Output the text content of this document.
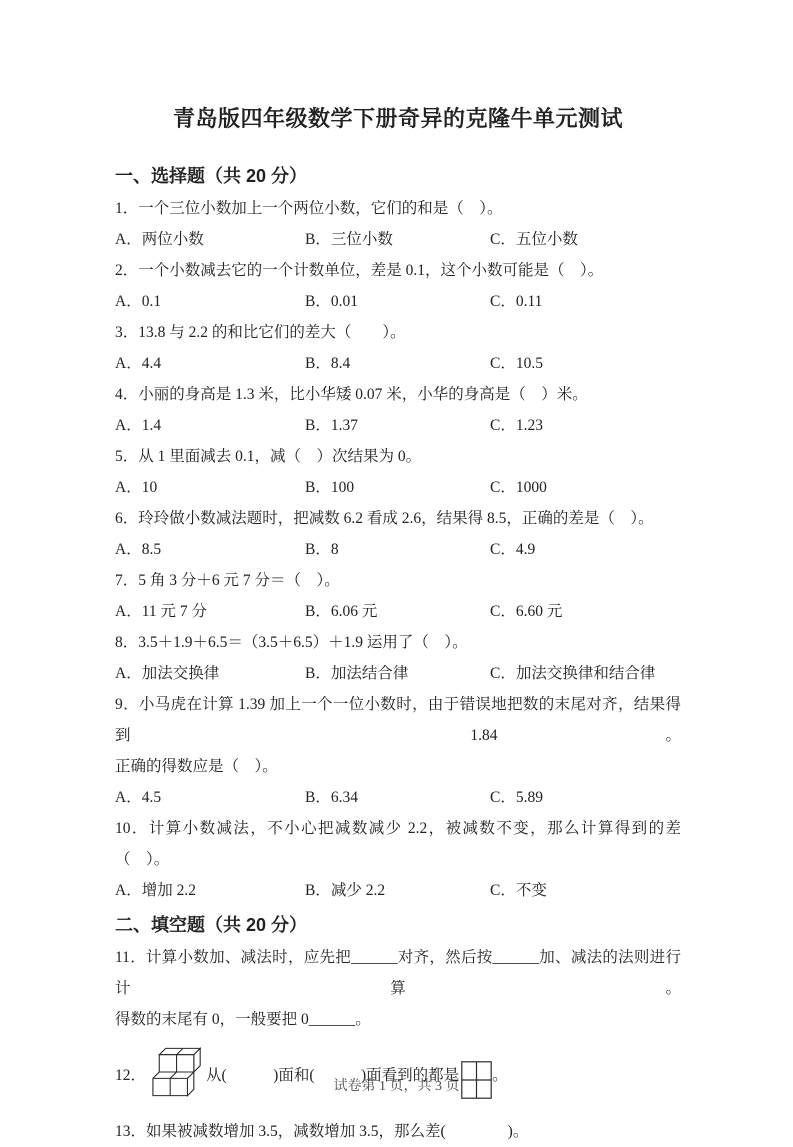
青岛版四年级数学下册奇异的克隆牛单元测试
一、选择题（共 20 分）
1．一个三位小数加上一个两位小数，它们的和是（　）。
A．两位小数	B．三位小数	C．五位小数
2．一个小数减去它的一个计数单位，差是 0.1，这个小数可能是（　）。
A．0.1	B．0.01	C．0.11
3．13.8 与 2.2 的和比它们的差大（　　）。
A．4.4	B．8.4	C．10.5
4．小丽的身高是 1.3 米，比小华矮 0.07 米，小华的身高是（　）米。
A．1.4	B．1.37	C．1.23
5．从 1 里面减去 0.1，减（　）次结果为 0。
A．10	B．100	C．1000
6．玲玲做小数减法题时，把减数 6.2 看成 2.6，结果得 8.5，正确的差是（　）。
A．8.5	B．8	C．4.9
7．5 角 3 分＋6 元 7 分＝（　）。
A．11 元 7 分	B．6.06 元	C．6.60 元
8．3.5＋1.9＋6.5＝（3.5＋6.5）＋1.9 运用了（　）。
A．加法交换律	B．加法结合律	C．加法交换律和结合律
9．小马虎在计算 1.39 加上一个一位小数时，由于错误地把数的末尾对齐，结果得到 1.84。
正确的得数应是（　）。
A．4.5	B．6.34	C．5.89
10．计算小数减法，不小心把减数减少 2.2，被减数不变，那么计算得到的差（　）。
A．增加 2.2	B．减少 2.2	C．不变
二、填空题（共 20 分）
11．计算小数加、减法时，应先把______对齐，然后按______加、减法的法则进行计算。
得数的末尾有 0，一般要把 0______。
12．	从(　　　)面和(　　　)面看到的都是 。
13．如果被减数增加 3.5，减数增加 3.5，那么差(　　　　)。
试卷第 1 页，共 3 页
